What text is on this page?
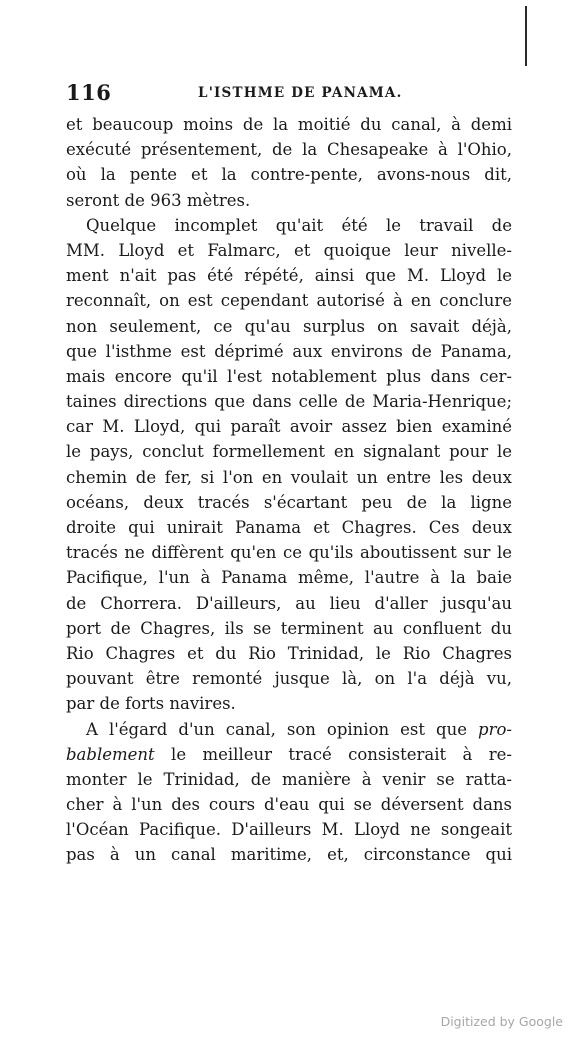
116	L'ISTHME DE PANAMA.
et beaucoup moins de la moitié du canal, à demi
exécuté présentement, de la Chesapeake à l'Ohio,
où la pente et la contre-pente, avons-nous dit,
seront de 963 mètres.
Quelque incomplet qu'ait été le travail de
MM. Lloyd et Falmarc, et quoique leur nivelle-
ment n'ait pas été répété, ainsi que M. Lloyd le
reconnaît, on est cependant autorisé à en conclure
non seulement, ce qu'au surplus on savait déjà,
que l'isthme est déprimé aux environs de Panama,
mais encore qu'il l'est notablement plus dans cer-
taines directions que dans celle de Maria-Henrique;
car M. Lloyd, qui paraît avoir assez bien examiné
le pays, conclut formellement en signalant pour le
chemin de fer, si l'on en voulait un entre les deux
océans, deux tracés s'écartant peu de la ligne
droite qui unirait Panama et Chagres. Ces deux
tracés ne diffèrent qu'en ce qu'ils aboutissent sur le
Pacifique, l'un à Panama même, l'autre à la baie
de Chorrera. D'ailleurs, au lieu d'aller jusqu'au
port de Chagres, ils se terminent au confluent du
Rio Chagres et du Rio Trinidad, le Rio Chagres
pouvant être remonté jusque là, on l'a déjà vu,
par de forts navires.
A l'égard d'un canal, son opinion est que pro-
bablement le meilleur tracé consisterait à re-
monter le Trinidad, de manière à venir se ratta-
cher à l'un des cours d'eau qui se déversent dans
l'Océan Pacifique. D'ailleurs M. Lloyd ne songeait
pas à un canal maritime, et, circonstance qui
Digitized by Google
